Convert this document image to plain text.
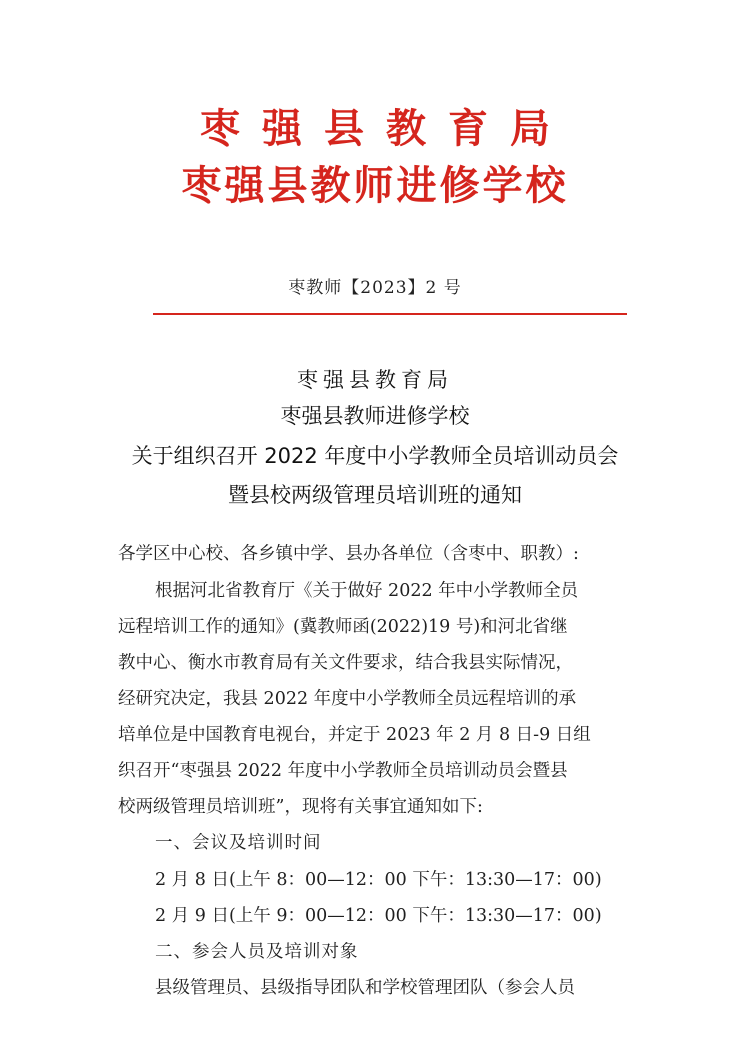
枣强县教育局
枣强县教师进修学校
枣教师【2023】2 号
枣强县教育局
枣强县教师进修学校
关于组织召开 2022 年度中小学教师全员培训动员会
暨县校两级管理员培训班的通知
各学区中心校、各乡镇中学、县办各单位（含枣中、职教）:
根据河北省教育厅《关于做好 2022 年中小学教师全员
远程培训工作的通知》(冀教师函(2022)19 号)和河北省继
教中心、衡水市教育局有关文件要求，结合我县实际情况，
经研究决定，我县 2022 年度中小学教师全员远程培训的承
培单位是中国教育电视台，并定于 2023 年 2 月 8 日-9 日组
织召开“枣强县 2022 年度中小学教师全员培训动员会暨县
校两级管理员培训班”，现将有关事宜通知如下:
一、会议及培训时间
2 月 8 日(上午 8：00—12：00 下午：13:30—17：00)
2 月 9 日(上午 9：00—12：00 下午：13:30—17：00)
二、参会人员及培训对象
县级管理员、县级指导团队和学校管理团队（参会人员
